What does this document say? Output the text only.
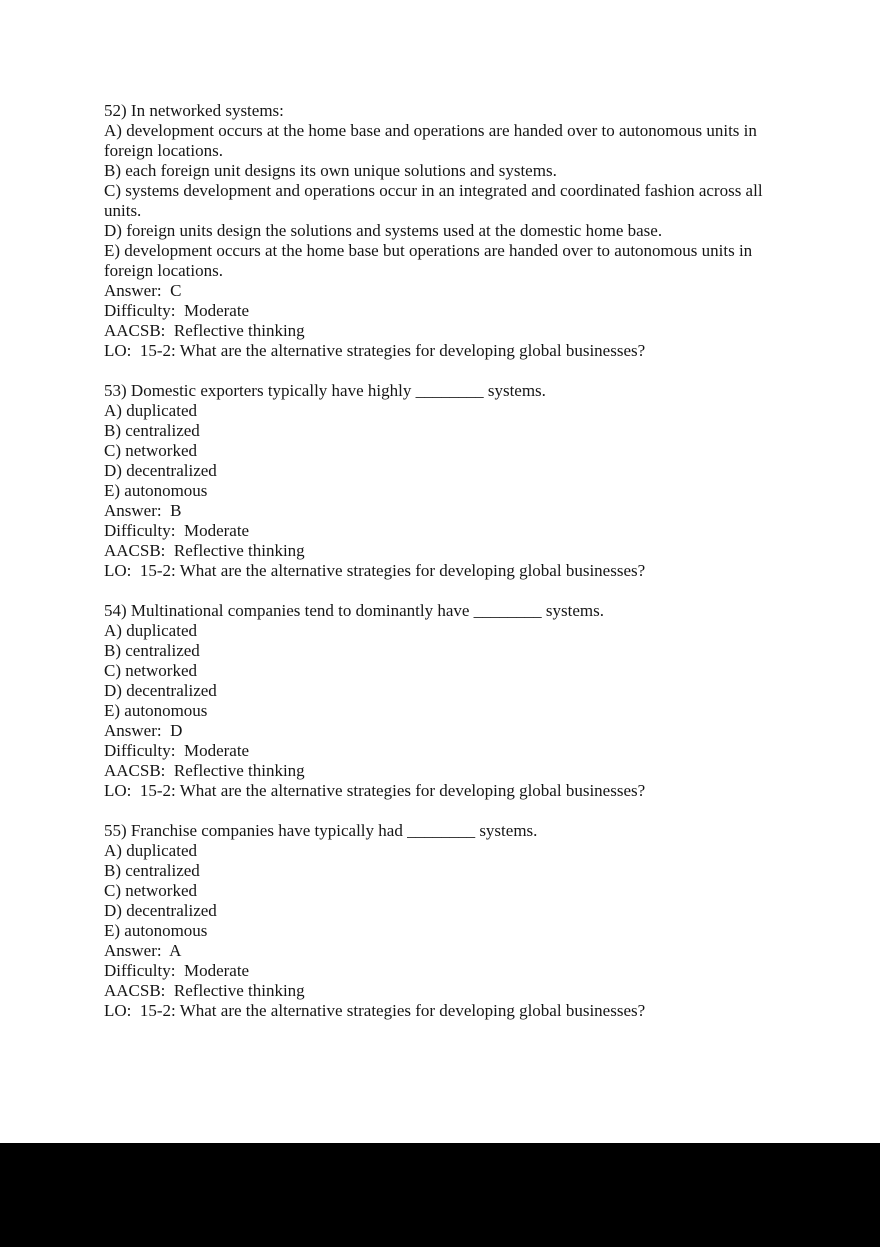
52) In networked systems:

A) development occurs at the home base and operations are handed over to autonomous units in foreign locations.

B) each foreign unit designs its own unique solutions and systems.

C) systems development and operations occur in an integrated and coordinated fashion across all units.

D) foreign units design the solutions and systems used at the domestic home base.

E) development occurs at the home base but operations are handed over to autonomous units in foreign locations.

Answer:  C

Difficulty:  Moderate

AACSB:  Reflective thinking

LO:  15-2: What are the alternative strategies for developing global businesses?

53) Domestic exporters typically have highly ________ systems.

A) duplicated

B) centralized

C) networked

D) decentralized

E) autonomous

Answer:  B

Difficulty:  Moderate

AACSB:  Reflective thinking

LO:  15-2: What are the alternative strategies for developing global businesses?

54) Multinational companies tend to dominantly have ________ systems.

A) duplicated

B) centralized

C) networked

D) decentralized

E) autonomous

Answer:  D

Difficulty:  Moderate

AACSB:  Reflective thinking

LO:  15-2: What are the alternative strategies for developing global businesses?

55) Franchise companies have typically had ________ systems.

A) duplicated

B) centralized

C) networked

D) decentralized

E) autonomous

Answer:  A

Difficulty:  Moderate

AACSB:  Reflective thinking

LO:  15-2: What are the alternative strategies for developing global businesses?
